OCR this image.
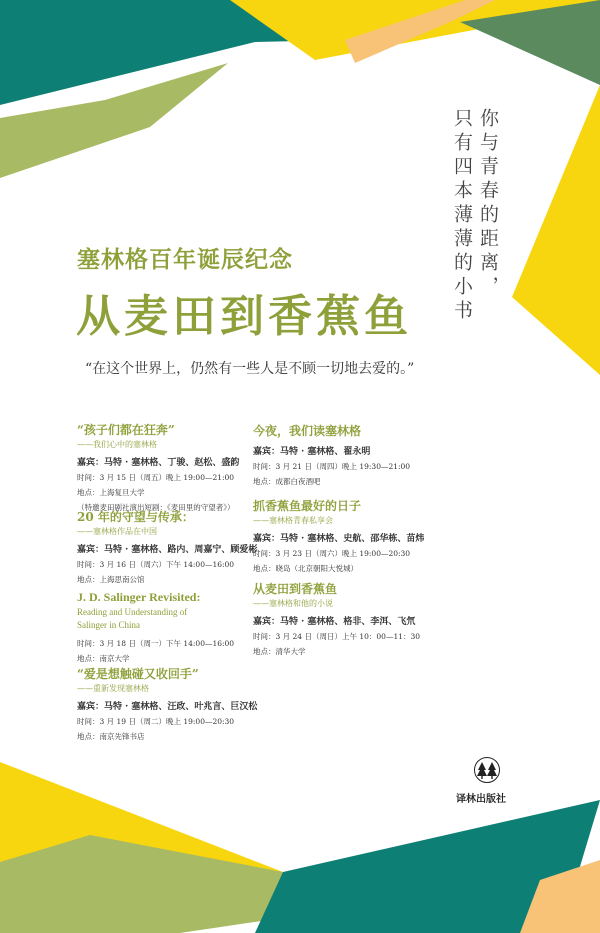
你与青春的距离，
只有四本薄薄的小书
塞林格百年诞辰纪念
从麦田到香蕉鱼
“在这个世界上，仍然有一些人是不顾一切地去爱的。”
“孩子们都在狂奔”
——我们心中的塞林格
嘉宾：马特 · 塞林格、丁骏、赵松、盛韵
时间：3 月 15 日（周五）晚上 19:00—21:00
地点：上海复旦大学
（特邀麦田剧社演出短剧：《麦田里的守望者》）
20 年的守望与传承：
——塞林格作品在中国
嘉宾：马特 · 塞林格、路内、周嘉宁、顾爱彬
时间：3 月 16 日（周六）下午 14:00—16:00
地点：上海思南公馆
J. D. Salinger Revisited:
Reading and Understanding of
Salinger in China
时间：3 月 18 日（周一）下午 14:00—16:00
地点：南京大学
“爱是想触碰又收回手”
——重新发现塞林格
嘉宾：马特 · 塞林格、汪政、叶兆言、巨汉松
时间：3 月 19 日（周二）晚上 19:00—20:30
地点：南京先锋书店
今夜，我们读塞林格
嘉宾：马特 · 塞林格、翟永明
时间：3 月 21 日（周四）晚上 19:30—21:00
地点：成都白夜酒吧
抓香蕉鱼最好的日子
——塞林格青春私享会
嘉宾：马特 · 塞林格、史航、邵华栋、苗炜
时间：3 月 23 日（周六）晚上 19:00—20:30
地点：晓岛（北京朝阳大悦城）
从麦田到香蕉鱼
——塞林格和他的小说
嘉宾：马特 · 塞林格、格非、李洱、飞氘
时间：3 月 24 日（周日）上午 10：00—11：30
地点：清华大学
译林出版社
